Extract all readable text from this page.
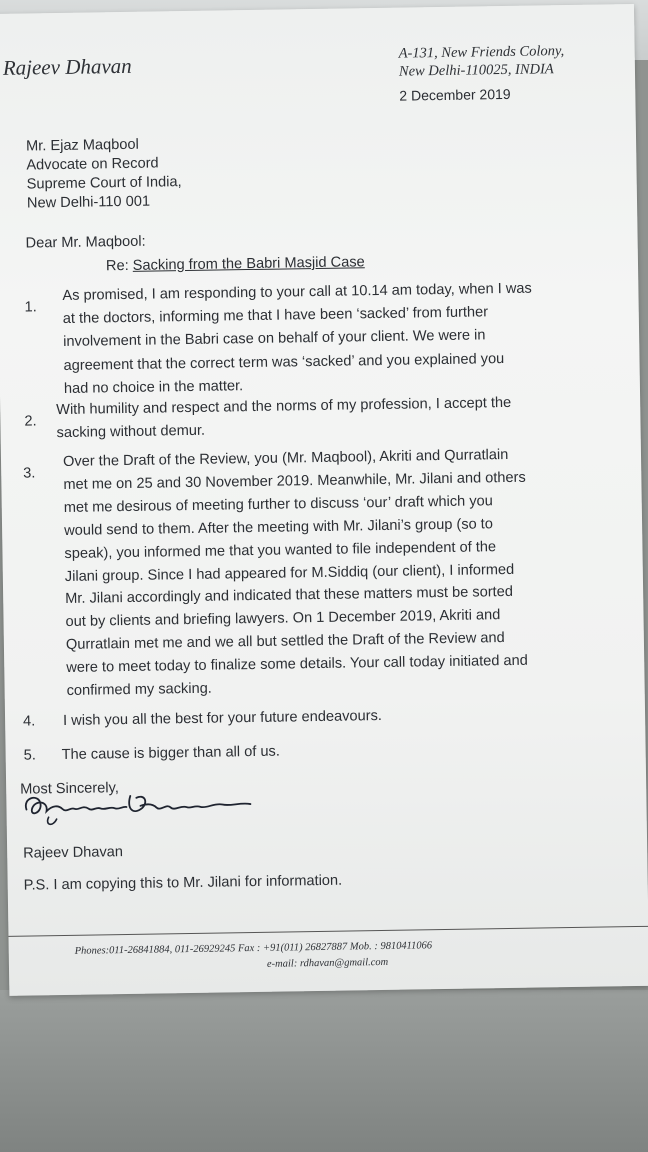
Rajeev Dhavan
A-131, New Friends Colony,
New Delhi-110025, INDIA
2 December 2019
Mr. Ejaz Maqbool
Advocate on Record
Supreme Court of India,
New Delhi-110 001
Dear Mr. Maqbool:
Re: Sacking from the Babri Masjid Case
1.
As promised, I am responding to your call at 10.14 am today, when I was
at the doctors, informing me that I have been ‘sacked’ from further
involvement in the Babri case on behalf of your client. We were in
agreement that the correct term was ‘sacked’ and you explained you
had no choice in the matter.
2.
With humility and respect and the norms of my profession, I accept the
sacking without demur.
3.
Over the Draft of the Review, you (Mr. Maqbool), Akriti and Qurratlain
met me on 25 and 30 November 2019. Meanwhile, Mr. Jilani and others
met me desirous of meeting further to discuss ‘our’ draft which you
would send to them. After the meeting with Mr. Jilani’s group (so to
speak), you informed me that you wanted to file independent of the
Jilani group. Since I had appeared for M.Siddiq (our client), I informed
Mr. Jilani accordingly and indicated that these matters must be sorted
out by clients and briefing lawyers. On 1 December 2019, Akriti and
Qurratlain met me and we all but settled the Draft of the Review and
were to meet today to finalize some details. Your call today initiated and
confirmed my sacking.
4. I wish you all the best for your future endeavours.
5. The cause is bigger than all of us.
Most Sincerely,
Rajeev Dhavan
P.S. I am copying this to Mr. Jilani for information.
Phones:011-26841884, 011-26929245 Fax : +91(011) 26827887 Mob. : 9810411066
e-mail: rdhavan@gmail.com
